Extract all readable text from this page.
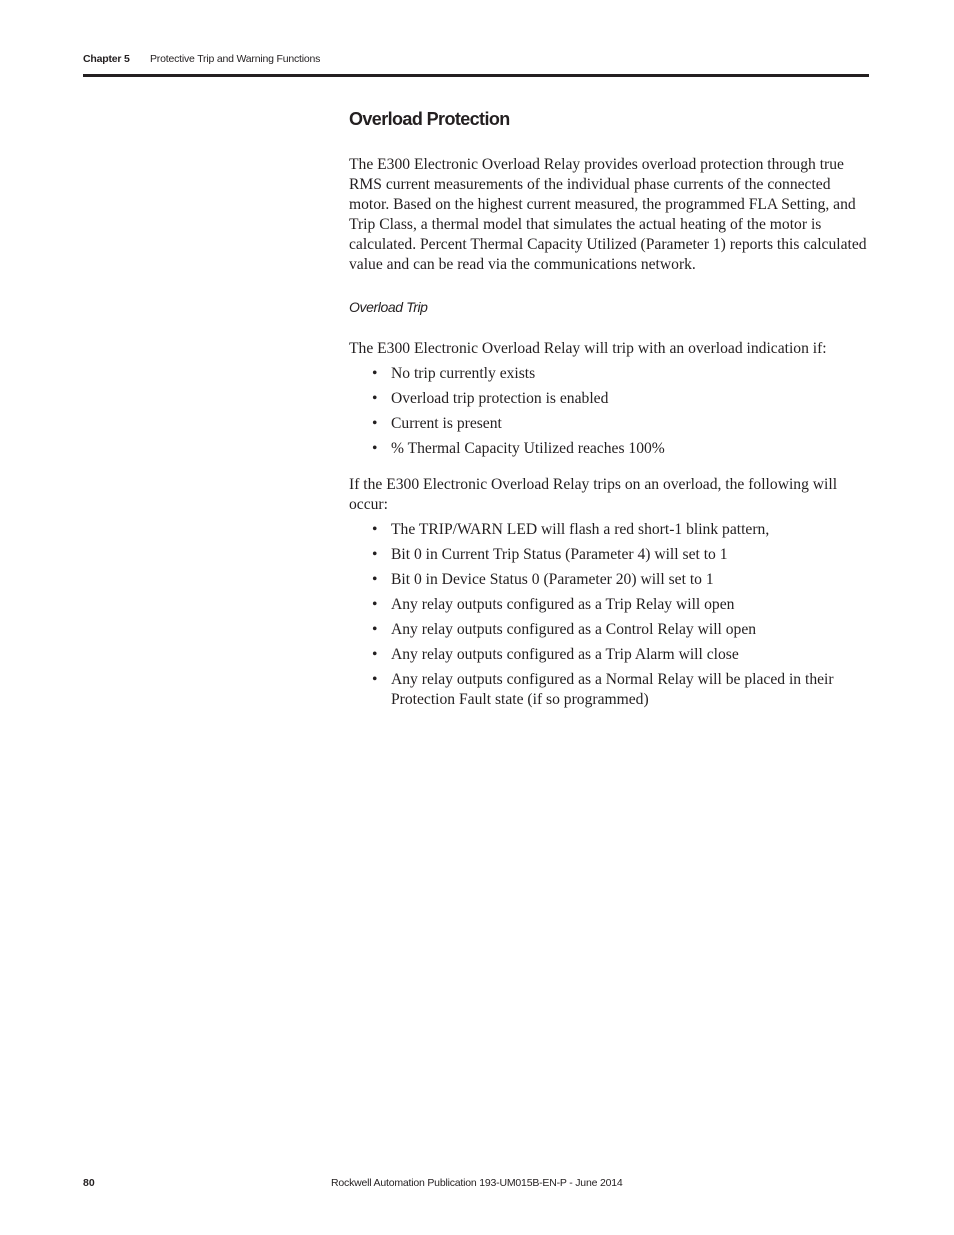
Chapter 5 Protective Trip and Warning Functions
Overload Protection

The E300 Electronic Overload Relay provides overload protection through true RMS current measurements of the individual phase currents of the connected motor. Based on the highest current measured, the programmed FLA Setting, and Trip Class, a thermal model that simulates the actual heating of the motor is calculated. Percent Thermal Capacity Utilized (Parameter 1) reports this calculated value and can be read via the communications network.

Overload Trip

The E300 Electronic Overload Relay will trip with an overload indication if:

• No trip currently exists
• Overload trip protection is enabled
• Current is present
• % Thermal Capacity Utilized reaches 100%

If the E300 Electronic Overload Relay trips on an overload, the following will occur:

• The TRIP/WARN LED will flash a red short-1 blink pattern,
• Bit 0 in Current Trip Status (Parameter 4) will set to 1
• Bit 0 in Device Status 0 (Parameter 20) will set to 1
• Any relay outputs configured as a Trip Relay will open
• Any relay outputs configured as a Control Relay will open
• Any relay outputs configured as a Trip Alarm will close
• Any relay outputs configured as a Normal Relay will be placed in their Protection Fault state (if so programmed)
80	Rockwell Automation Publication 193-UM015B-EN-P - June 2014
